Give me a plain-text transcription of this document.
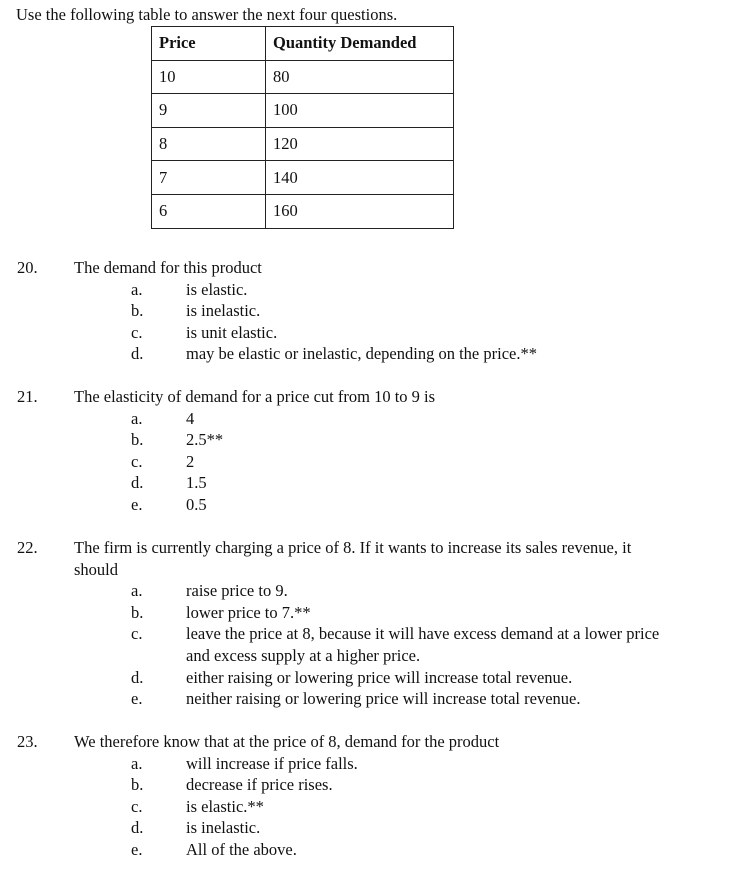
Use the following table to answer the next four questions.

Price	Quantity Demanded
10	80
9	100
8	120
7	140
6	160
20. The demand for this product
a.	is elastic.
b.	is inelastic.
c.	is unit elastic.
d.	may be elastic or inelastic, depending on the price.**
21. The elasticity of demand for a price cut from 10 to 9 is
a.	4
b.	2.5**
c.	2
d.	1.5
e.	0.5
22. The firm is currently charging a price of 8. If it wants to increase its sales revenue, it
should
a.	raise price to 9.
b.	lower price to 7.**
c.	leave the price at 8, because it will have excess demand at a lower price
and excess supply at a higher price.
d.	either raising or lowering price will increase total revenue.
e.	neither raising or lowering price will increase total revenue.
23. We therefore know that at the price of 8, demand for the product
a.	will increase if price falls.
b.	decrease if price rises.
c.	is elastic.**
d.	is inelastic.
e.	All of the above.
